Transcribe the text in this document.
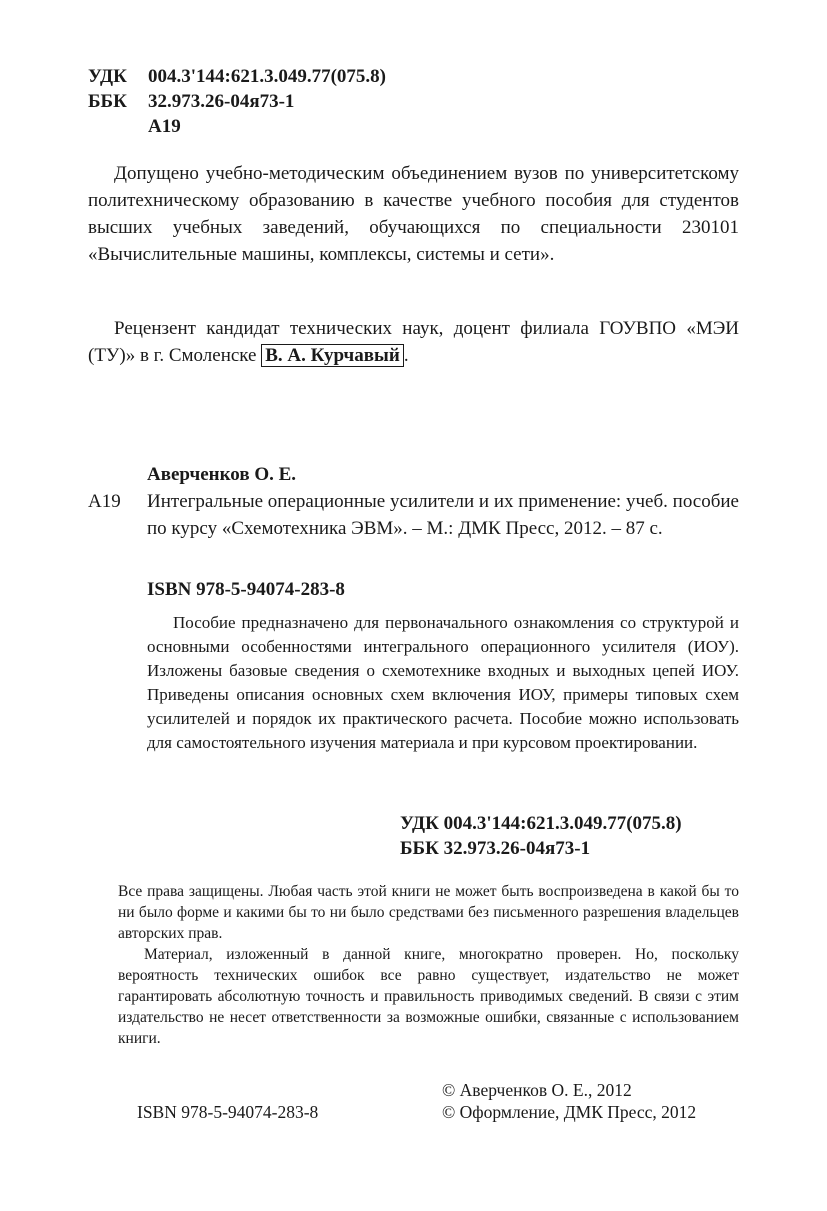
УДК 004.3'144:621.3.049.77(075.8)
ББК 32.973.26-04я73-1
А19
Допущено учебно-методическим объединением вузов по университетскому политехническому образованию в качестве учебного пособия для студентов высших учебных заведений, обучающихся по специальности 230101 «Вычислительные машины, комплексы, системы и сети».
Рецензент кандидат технических наук, доцент филиала ГОУВПО «МЭИ (ТУ)» в г. Смоленске В. А. Курчавый .
Аверченков О. Е.
А19 Интегральные операционные усилители и их применение: учеб. пособие по курсу «Схемотехника ЭВМ». – М.: ДМК Пресс, 2012. – 87 с.
ISBN 978-5-94074-283-8
Пособие предназначено для первоначального ознакомления со структурой и основными особенностями интегрального операционного усилителя (ИОУ). Изложены базовые сведения о схемотехнике входных и выходных цепей ИОУ. Приведены описания основных схем включения ИОУ, примеры типовых схем усилителей и порядок их практического расчета. Пособие можно использовать для самостоятельного изучения материала и при курсовом проектировании.
УДК 004.3'144:621.3.049.77(075.8)
ББК 32.973.26-04я73-1

Все права защищены. Любая часть этой книги не может быть воспроизведена в какой бы то ни было форме и какими бы то ни было средствами без письменного разрешения владельцев авторских прав.

Материал, изложенный в данной книге, многократно проверен. Но, поскольку вероятность технических ошибок все равно существует, издательство не может гарантировать абсолютную точность и правильность приводимых сведений. В связи с этим издательство не несет ответственности за возможные ошибки, связанные с использованием книги.

ISBN 978-5-94074-283-8
© Аверченков О. Е., 2012
© Оформление, ДМК Пресс, 2012
